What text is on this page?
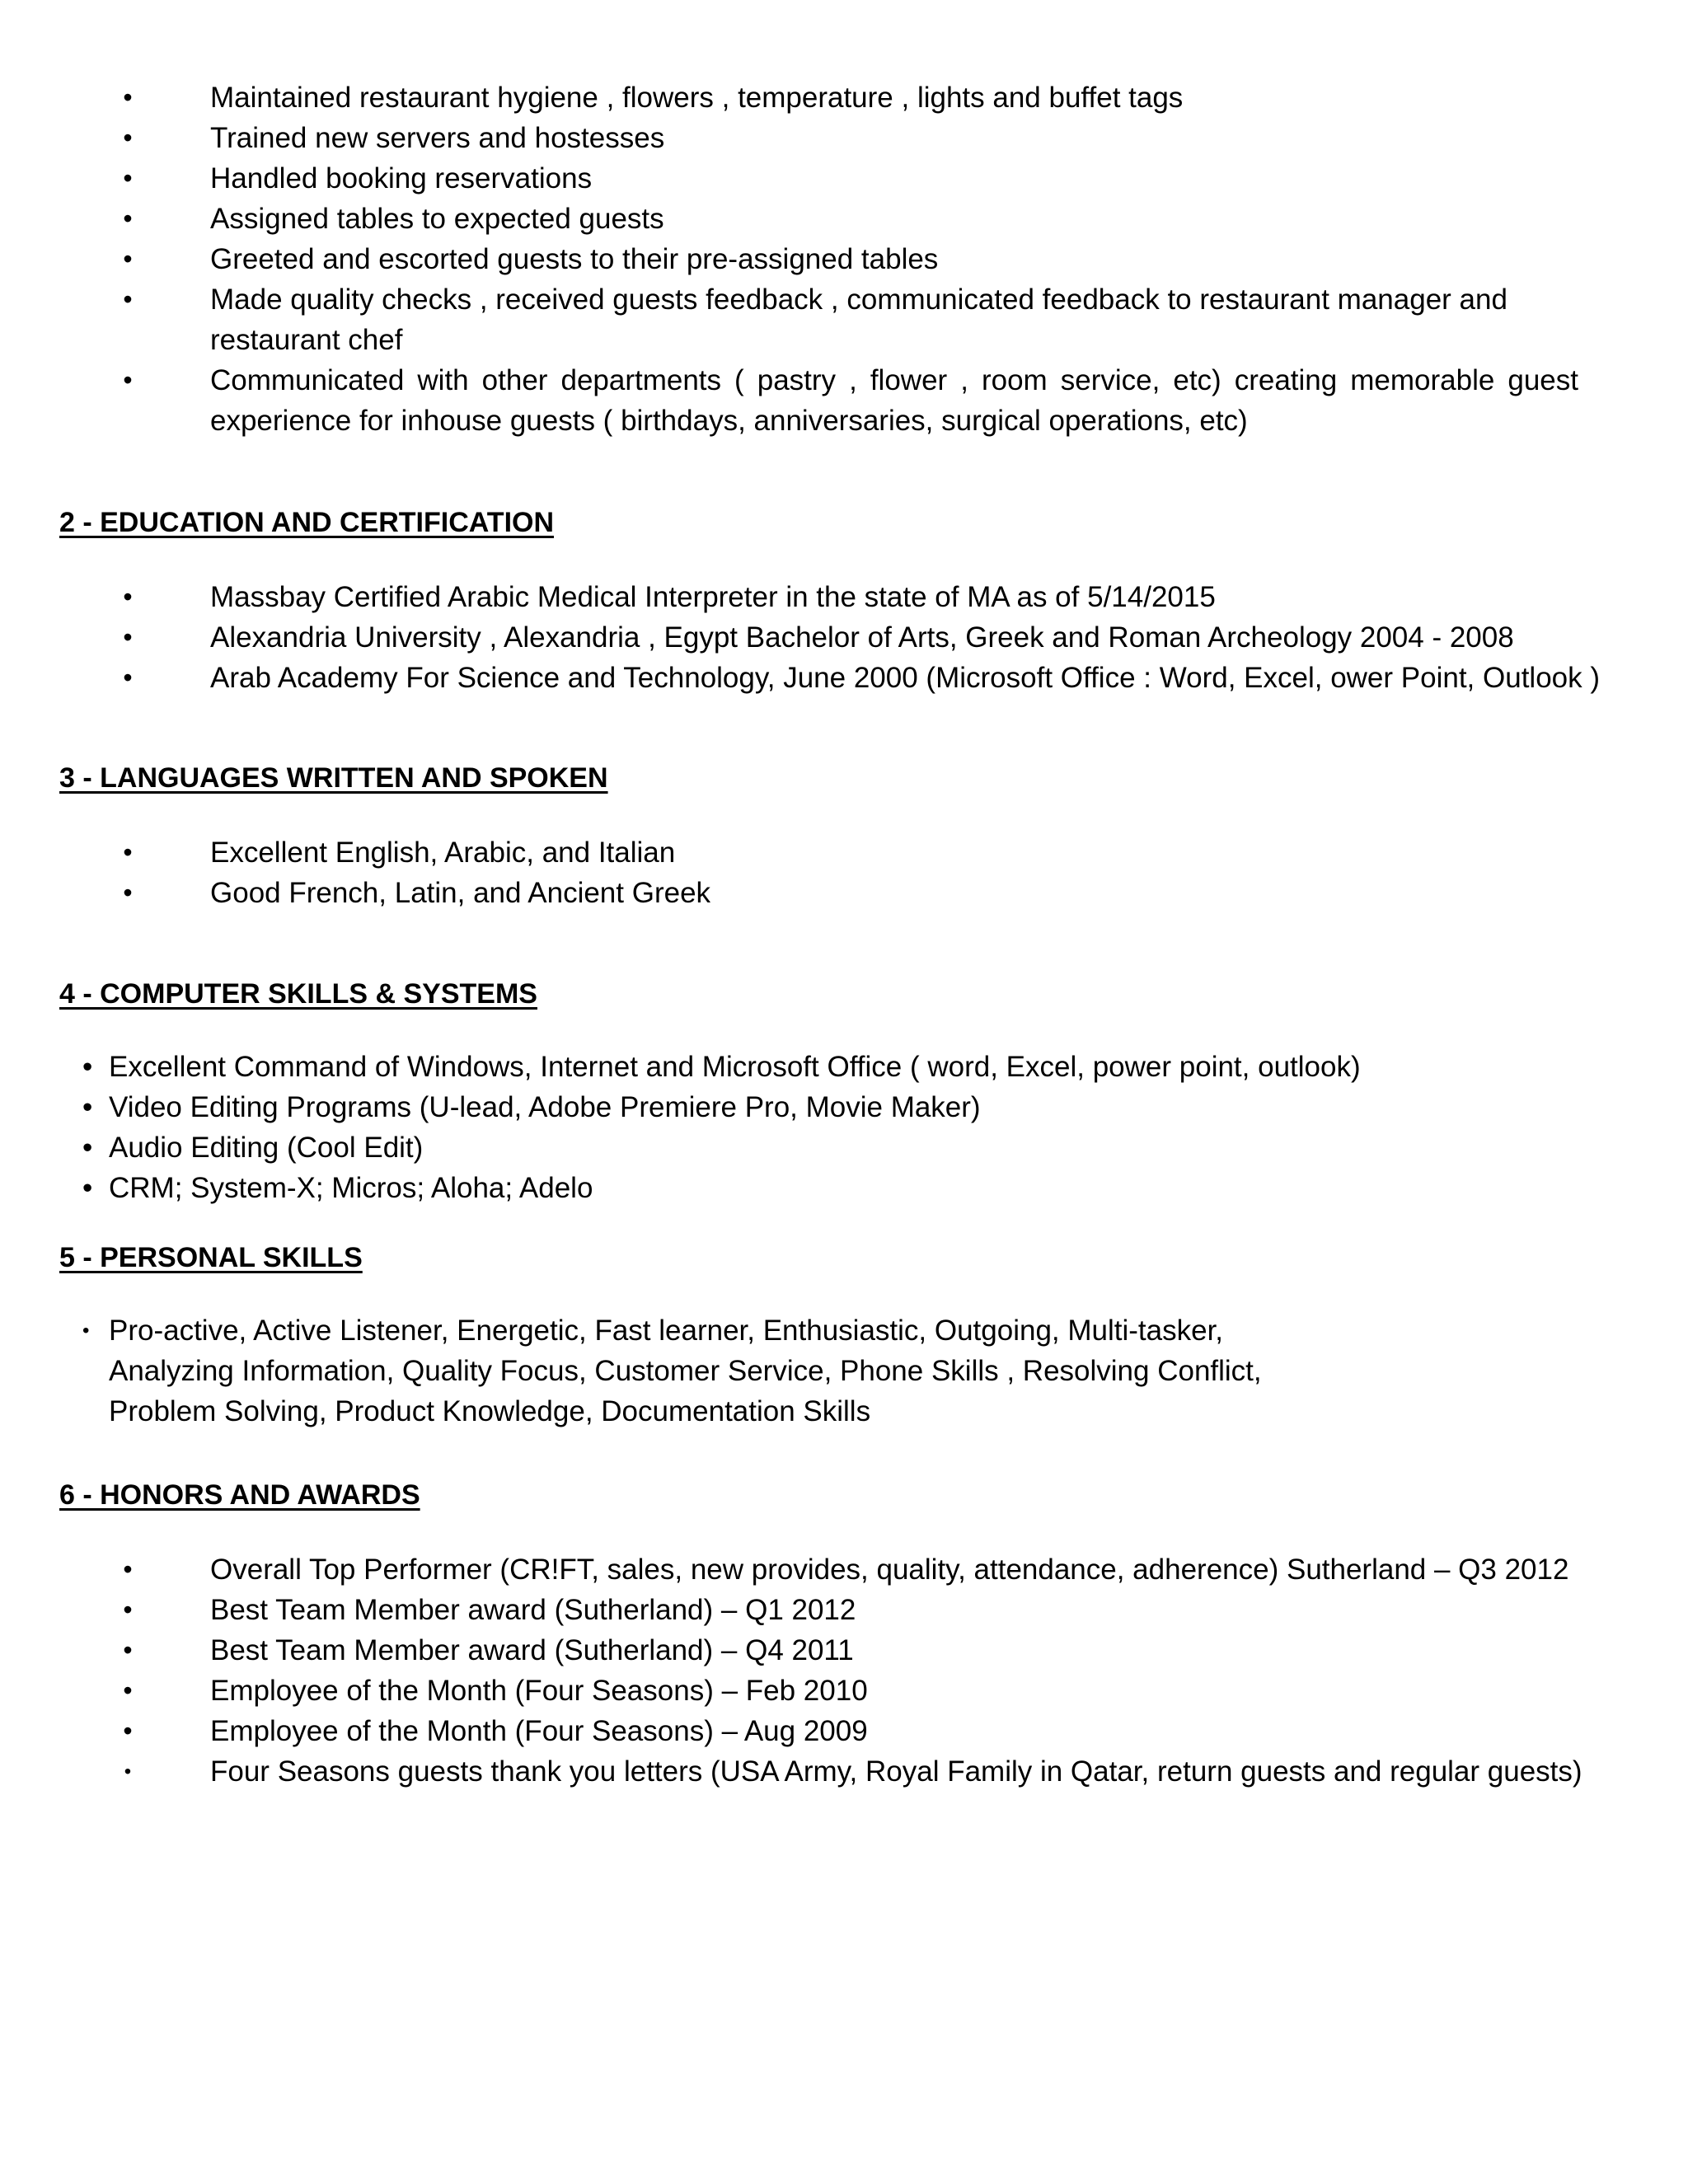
•	Maintained restaurant hygiene , flowers , temperature , lights and buffet tags
•	Trained new servers and hostesses
•	Handled booking reservations
•	Assigned tables to expected guests
•	Greeted and escorted guests to their pre-assigned tables
•	Made quality checks , received guests feedback , communicated feedback to restaurant manager and restaurant chef
•	Communicated with other departments ( pastry , flower , room service, etc) creating memorable guest experience for inhouse guests ( birthdays, anniversaries, surgical operations, etc)
2 - EDUCATION AND CERTIFICATION
•	Massbay Certified Arabic Medical Interpreter in the state of MA as of 5/14/2015
•	Alexandria University , Alexandria , Egypt Bachelor of Arts, Greek and Roman Archeology 2004 - 2008
•	Arab Academy For Science and Technology, June 2000 (Microsoft Office : Word, Excel, ower Point, Outlook )
3 - LANGUAGES WRITTEN AND SPOKEN
•	Excellent English, Arabic, and Italian
•	Good French, Latin, and Ancient Greek
4 - COMPUTER SKILLS & SYSTEMS
• Excellent Command of Windows, Internet and Microsoft Office ( word, Excel, power point, outlook)
• Video Editing Programs (U-lead, Adobe Premiere Pro, Movie Maker)
• Audio Editing (Cool Edit)
• CRM; System-X; Micros; Aloha; Adelo
5 - PERSONAL SKILLS
• Pro-active, Active Listener, Energetic, Fast learner, Enthusiastic, Outgoing, Multi-tasker,
Analyzing Information, Quality Focus, Customer Service, Phone Skills , Resolving Conflict,
Problem Solving, Product Knowledge, Documentation Skills
6 - HONORS AND AWARDS
•	Overall Top Performer (CR!FT, sales, new provides, quality, attendance, adherence) Sutherland – Q3 2012
•	Best Team Member award (Sutherland) – Q1 2012
•	Best Team Member award (Sutherland) – Q4 2011
•	Employee of the Month (Four Seasons) – Feb 2010
•	Employee of the Month (Four Seasons) – Aug 2009
•	Four Seasons guests thank you letters (USA Army, Royal Family in Qatar, return guests and regular guests)
